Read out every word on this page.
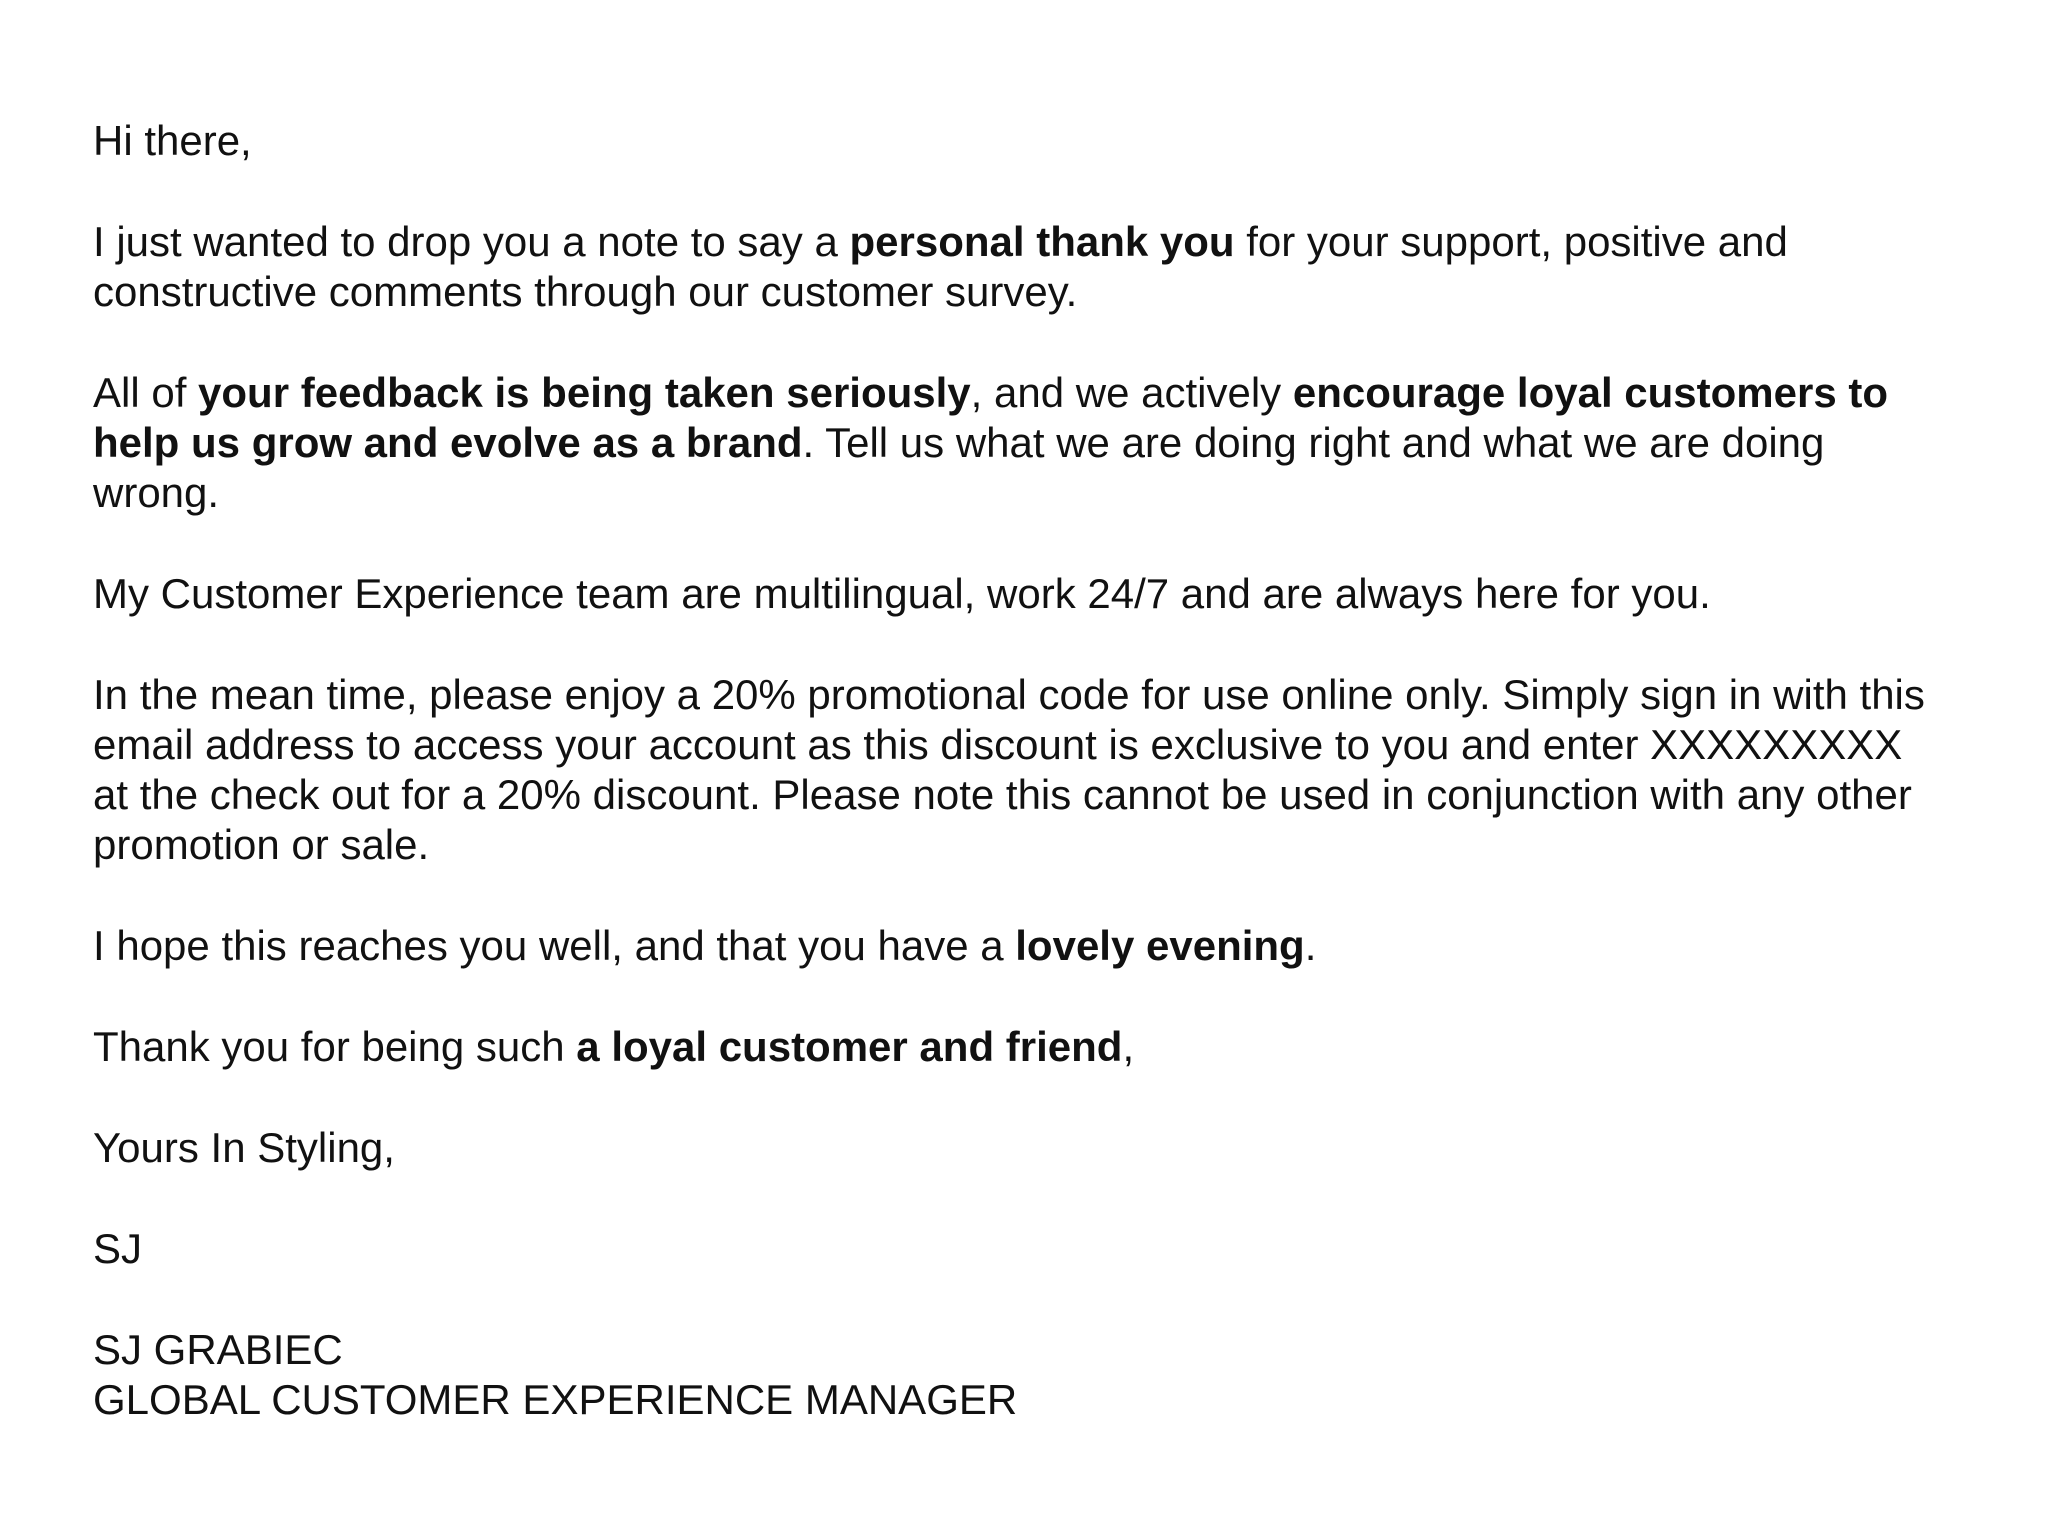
Hi there,

I just wanted to drop you a note to say a personal thank you for your support, positive and
constructive comments through our customer survey.

All of your feedback is being taken seriously, and we actively encourage loyal customers to
help us grow and evolve as a brand. Tell us what we are doing right and what we are doing
wrong.

My Customer Experience team are multilingual, work 24/7 and are always here for you.

In the mean time, please enjoy a 20% promotional code for use online only. Simply sign in with this
email address to access your account as this discount is exclusive to you and enter XXXXXXXXX
at the check out for a 20% discount. Please note this cannot be used in conjunction with any other
promotion or sale.

I hope this reaches you well, and that you have a lovely evening.

Thank you for being such a loyal customer and friend,

Yours In Styling,

SJ

SJ GRABIEC
GLOBAL CUSTOMER EXPERIENCE MANAGER
